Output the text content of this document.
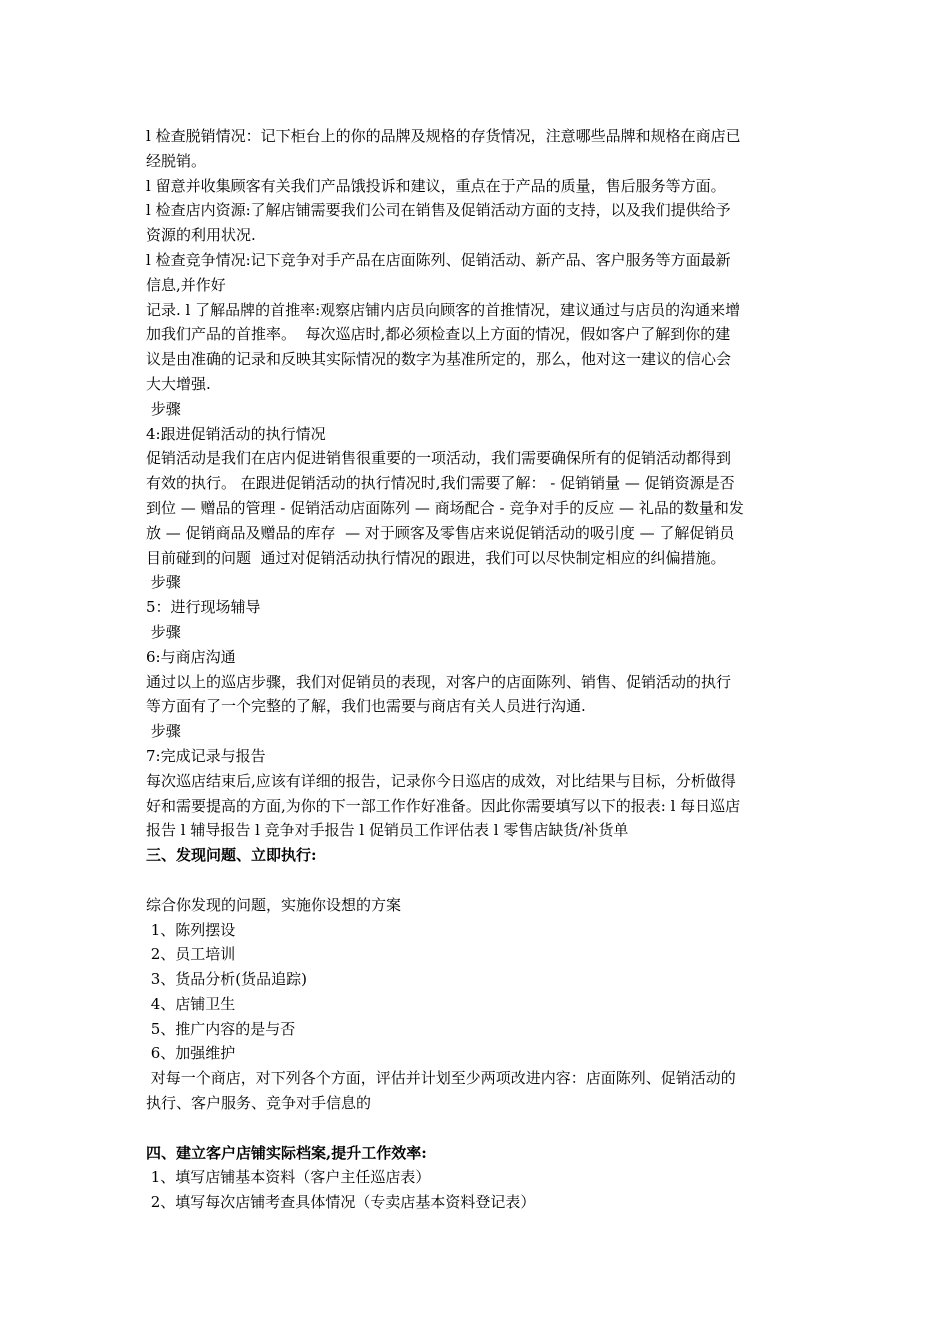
l 检查脱销情况：记下柜台上的你的品牌及规格的存货情况，注意哪些品牌和规格在商店已
经脱销。
l 留意并收集顾客有关我们产品饿投诉和建议，重点在于产品的质量，售后服务等方面。
l 检查店内资源:了解店铺需要我们公司在销售及促销活动方面的支持，以及我们提供给予
资源的利用状况.
l 检查竞争情况:记下竞争对手产品在店面陈列、促销活动、新产品、客户服务等方面最新
信息,并作好
记录. l 了解品牌的首推率:观察店铺内店员向顾客的首推情况，建议通过与店员的沟通来增
加我们产品的首推率。  每次巡店时,都必须检查以上方面的情况，假如客户了解到你的建
议是由准确的记录和反映其实际情况的数字为基准所定的，那么，他对这一建议的信心会
大大增强.
步骤
4:跟进促销活动的执行情况
促销活动是我们在店内促进销售很重要的一项活动，我们需要确保所有的促销活动都得到
有效的执行。 在跟进促销活动的执行情况时,我们需要了解： - 促销销量 — 促销资源是否
到位 — 赠品的管理 - 促销活动店面陈列 — 商场配合 - 竞争对手的反应 — 礼品的数量和发
放 — 促销商品及赠品的库存  — 对于顾客及零售店来说促销活动的吸引度 — 了解促销员
目前碰到的问题  通过对促销活动执行情况的跟进，我们可以尽快制定相应的纠偏措施。
步骤
5：进行现场辅导
步骤
6:与商店沟通
通过以上的巡店步骤，我们对促销员的表现，对客户的店面陈列、销售、促销活动的执行
等方面有了一个完整的了解，我们也需要与商店有关人员进行沟通.
步骤
7:完成记录与报告
每次巡店结束后,应该有详细的报告，记录你今日巡店的成效，对比结果与目标，分析做得
好和需要提高的方面,为你的下一部工作作好准备。因此你需要填写以下的报表: l 每日巡店
报告 l 辅导报告 l 竞争对手报告 l 促销员工作评估表 l 零售店缺货/补货单
三、发现问题、立即执行:
综合你发现的问题，实施你设想的方案
1、陈列摆设
2、员工培训
3、货品分析(货品追踪)
4、店铺卫生
5、推广内容的是与否
6、加强维护
对每一个商店，对下列各个方面，评估并计划至少两项改进内容：店面陈列、促销活动的
执行、客户服务、竞争对手信息的
四、建立客户店铺实际档案,提升工作效率:
1、填写店铺基本资料（客户主任巡店表）
2、填写每次店铺考查具体情况（专卖店基本资料登记表）
